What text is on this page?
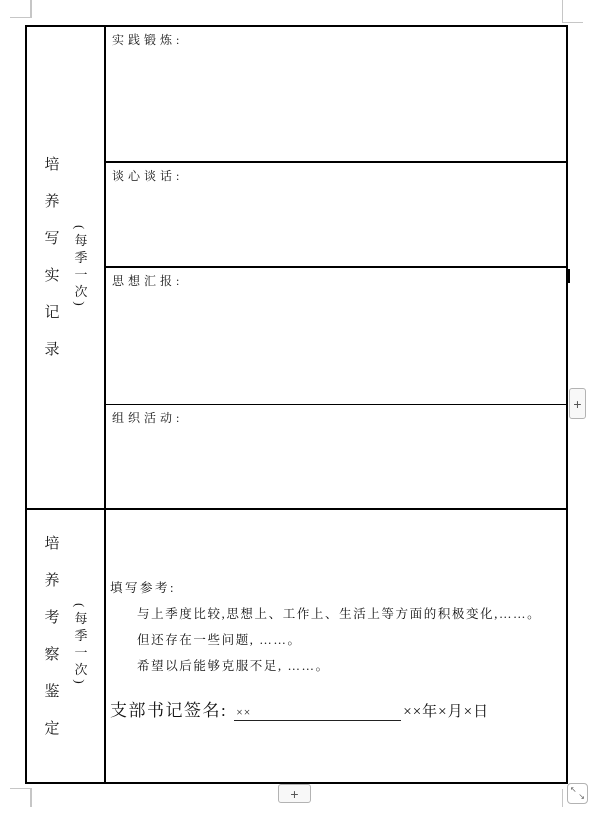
培养写实记录 (每季一次)
实践锻炼:
谈心谈话:
思想汇报:
组织活动:
培养考察鉴定 (每季一次)
填写参考:
与上季度比较,思想上、工作上、生活上等方面的积极变化,……。
但还存在一些问题, ……。
希望以后能够克服不足, ……。
支部书记签名: ××	××年×月×日
+
+	↖
↘
